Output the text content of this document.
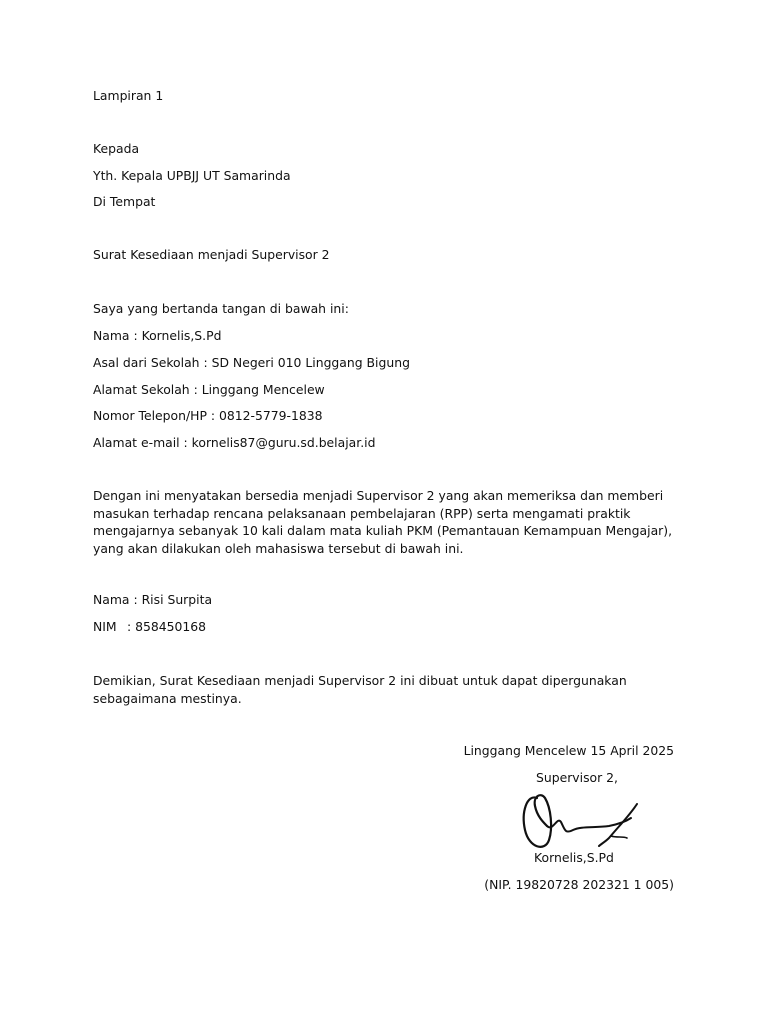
Lampiran 1
Kepada
Yth. Kepala UPBJJ UT Samarinda
Di Tempat
Surat Kesediaan menjadi Supervisor 2
Saya yang bertanda tangan di bawah ini:
Nama : Kornelis,S.Pd
Asal dari Sekolah : SD Negeri 010 Linggang Bigung
Alamat Sekolah : Linggang Mencelew
Nomor Telepon/HP : 0812-5779-1838
Alamat e-mail : kornelis87@guru.sd.belajar.id
Dengan ini menyatakan bersedia menjadi Supervisor 2 yang akan memeriksa dan memberi masukan terhadap rencana pelaksanaan pembelajaran (RPP) serta mengamati praktik mengajarnya sebanyak 10 kali dalam mata kuliah PKM (Pemantauan Kemampuan Mengajar), yang akan dilakukan oleh mahasiswa tersebut di bawah ini.
Nama : Risi Surpita
NIM : 858450168
Demikian, Surat Kesediaan menjadi Supervisor 2 ini dibuat untuk dapat dipergunakan sebagaimana mestinya.
Linggang Mencelew 15 April 2025
Supervisor 2,
Kornelis,S.Pd
(NIP. 19820728 202321 1 005)
